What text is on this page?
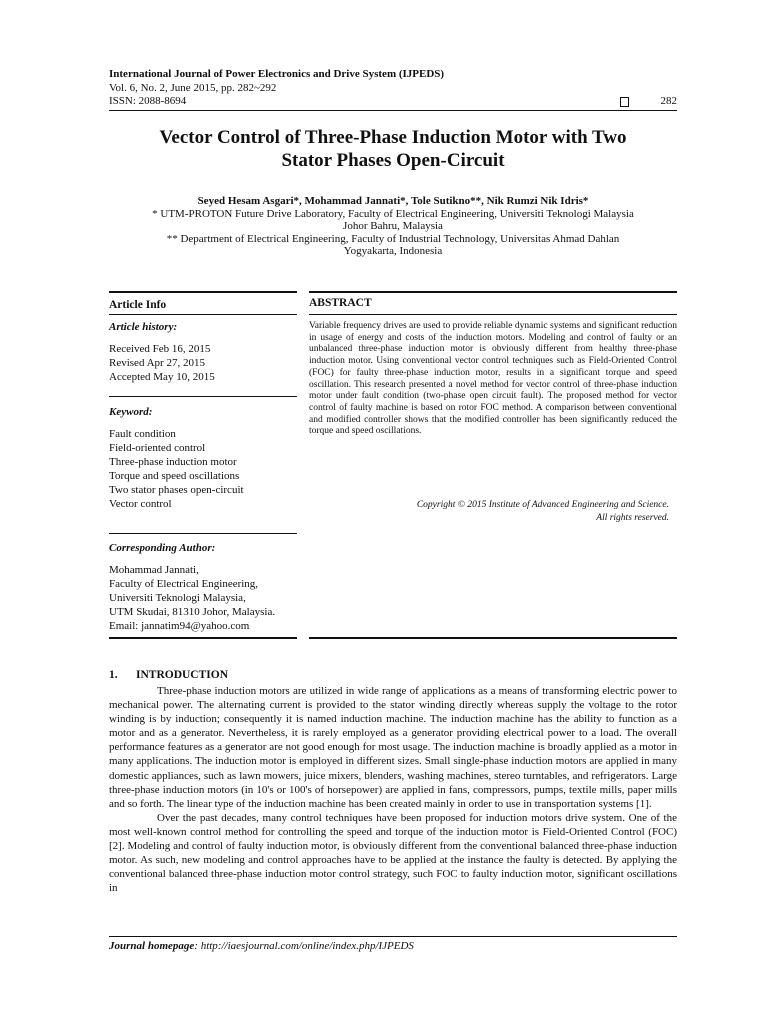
International Journal of Power Electronics and Drive System (IJPEDS)
Vol. 6, No. 2, June 2015, pp. 282~292
ISSN: 2088-8694	282
Vector Control of Three-Phase Induction Motor with Two
Stator Phases Open-Circuit
Seyed Hesam Asgari*, Mohammad Jannati*, Tole Sutikno**, Nik Rumzi Nik Idris*
* UTM-PROTON Future Drive Laboratory, Faculty of Electrical Engineering, Universiti Teknologi Malaysia
Johor Bahru, Malaysia
** Department of Electrical Engineering, Faculty of Industrial Technology, Universitas Ahmad Dahlan
Yogyakarta, Indonesia
Article Info
Article history:
Received Feb 16, 2015
Revised Apr 27, 2015
Accepted May 10, 2015
Keyword:
Fault condition
Field-oriented control
Three-phase induction motor
Torque and speed oscillations
Two stator phases open-circuit
Vector control
Corresponding Author:
Mohammad Jannati,
Faculty of Electrical Engineering,
Universiti Teknologi Malaysia,
UTM Skudai, 81310 Johor, Malaysia.
Email: jannatim94@yahoo.com
ABSTRACT
Variable frequency drives are used to provide reliable dynamic systems and significant reduction in usage of energy and costs of the induction motors. Modeling and control of faulty or an unbalanced three-phase induction motor is obviously different from healthy three-phase induction motor. Using conventional vector control techniques such as Field-Oriented Control (FOC) for faulty three-phase induction motor, results in a significant torque and speed oscillation. This research presented a novel method for vector control of three-phase induction motor under fault condition (two-phase open circuit fault). The proposed method for vector control of faulty machine is based on rotor FOC method. A comparison between conventional and modified controller shows that the modified controller has been significantly reduced the torque and speed oscillations.
Copyright © 2015 Institute of Advanced Engineering and Science.
All rights reserved.
1. INTRODUCTION

Three-phase induction motors are utilized in wide range of applications as a means of transforming electric power to mechanical power. The alternating current is provided to the stator winding directly whereas supply the voltage to the rotor winding is by induction; consequently it is named induction machine. The induction machine has the ability to function as a motor and as a generator. Nevertheless, it is rarely employed as a generator providing electrical power to a load. The overall performance features as a generator are not good enough for most usage. The induction machine is broadly applied as a motor in many applications. The induction motor is employed in different sizes. Small single-phase induction motors are applied in many domestic appliances, such as lawn mowers, juice mixers, blenders, washing machines, stereo turntables, and refrigerators. Large three-phase induction motors (in 10's or 100's of horsepower) are applied in fans, compressors, pumps, textile mills, paper mills and so forth. The linear type of the induction machine has been created mainly in order to use in transportation systems [1].

Over the past decades, many control techniques have been proposed for induction motors drive system. One of the most well-known control method for controlling the speed and torque of the induction motor is Field-Oriented Control (FOC) [2]. Modeling and control of faulty induction motor, is obviously different from the conventional balanced three-phase induction motor. As such, new modeling and control approaches have to be applied at the instance the faulty is detected. By applying the conventional balanced three-phase induction motor control strategy, such FOC to faulty induction motor, significant oscillations in

Journal homepage: http://iaesjournal.com/online/index.php/IJPEDS
